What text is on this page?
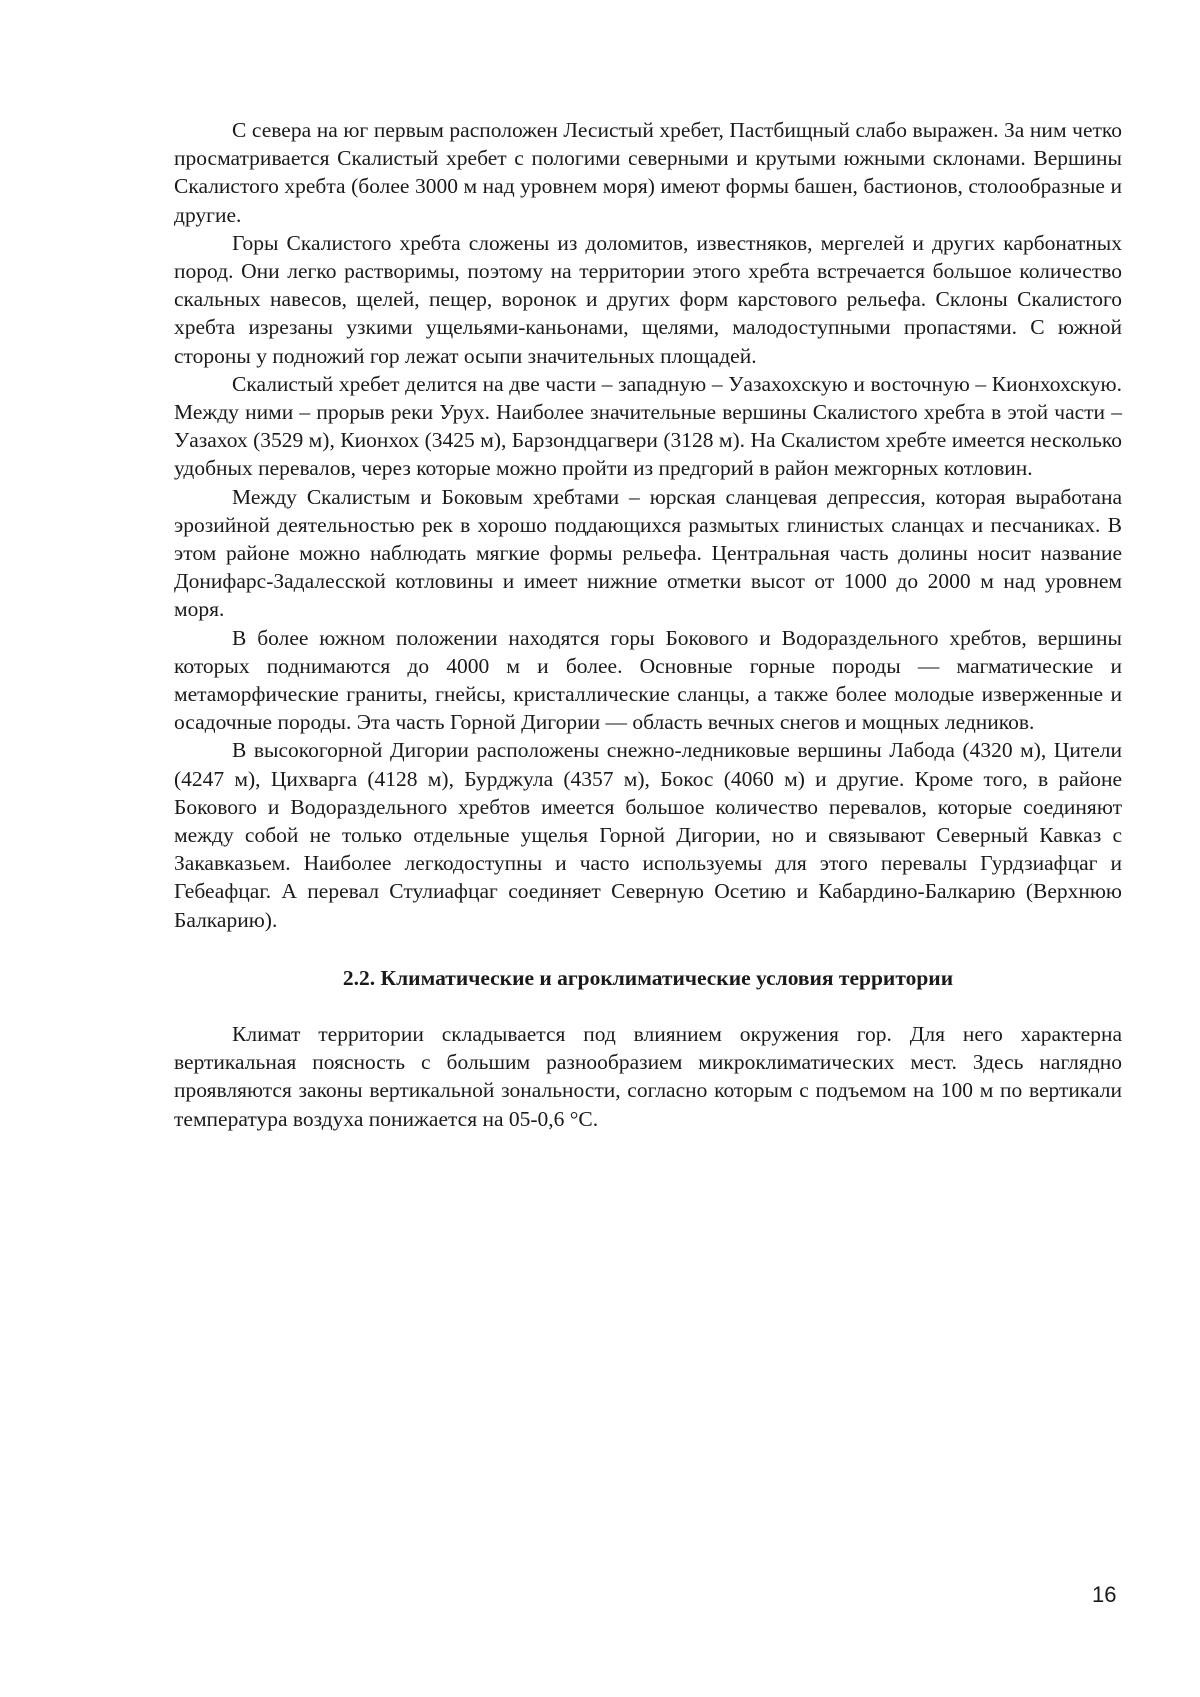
С севера на юг первым расположен Лесистый хребет, Пастбищный слабо выражен. За ним четко просматривается Скалистый хребет с пологими северными и крутыми южными склонами. Вершины Скалистого хребта (более 3000 м над уровнем моря) имеют формы башен, бастионов, столообразные и другие.

Горы Скалистого хребта сложены из доломитов, известняков, мергелей и других карбонатных пород. Они легко растворимы, поэтому на территории этого хребта встречается большое количество скальных навесов, щелей, пещер, воронок и других форм карстового рельефа. Склоны Скалистого хребта изрезаны узкими ущельями-каньонами, щелями, малодоступными пропастями. С южной стороны у подножий гор лежат осыпи значительных площадей.

Скалистый хребет делится на две части – западную – Уазахохскую и восточную – Кионхохскую. Между ними – прорыв реки Урух. Наиболее значительные вершины Скалистого хребта в этой части – Уазахох (3529 м), Кионхох (3425 м), Барзондцагвери (3128 м). На Скалистом хребте имеется несколько удобных перевалов, через которые можно пройти из предгорий в район межгорных котловин.

Между Скалистым и Боковым хребтами – юрская сланцевая депрессия, которая выработана эрозийной деятельностью рек в хорошо поддающихся размытых глинистых сланцах и песчаниках. В этом районе можно наблюдать мягкие формы рельефа. Центральная часть долины носит название Донифарс-Задалесской котловины и имеет нижние отметки высот от 1000 до 2000 м над уровнем моря.

В более южном положении находятся горы Бокового и Водораздельного хребтов, вершины которых поднимаются до 4000 м и более. Основные горные породы — магматические и метаморфические граниты, гнейсы, кристаллические сланцы, а также более молодые изверженные и осадочные породы. Эта часть Горной Дигории — область вечных снегов и мощных ледников.

В высокогорной Дигории расположены снежно-ледниковые вершины Лабода (4320 м), Цители (4247 м), Цихварга (4128 м), Бурджула (4357 м), Бокос (4060 м) и другие. Кроме того, в районе Бокового и Водораздельного хребтов имеется большое количество перевалов, которые соединяют между собой не только отдельные ущелья Горной Дигории, но и связывают Северный Кавказ с Закавказьем. Наиболее легкодоступны и часто используемы для этого перевалы Гурдзиафцаг и Гебеафцаг. А перевал Стулиафцаг соединяет Северную Осетию и Кабардино-Балкарию (Верхнюю Балкарию).

2.2. Климатические и агроклиматические условия территории

Климат территории складывается под влиянием окружения гор. Для него характерна вертикальная поясность с большим разнообразием микроклиматических мест. Здесь наглядно проявляются законы вертикальной зональности, согласно которым с подъемом на 100 м по вертикали температура воздуха понижается на 05-0,6 °С.

16
